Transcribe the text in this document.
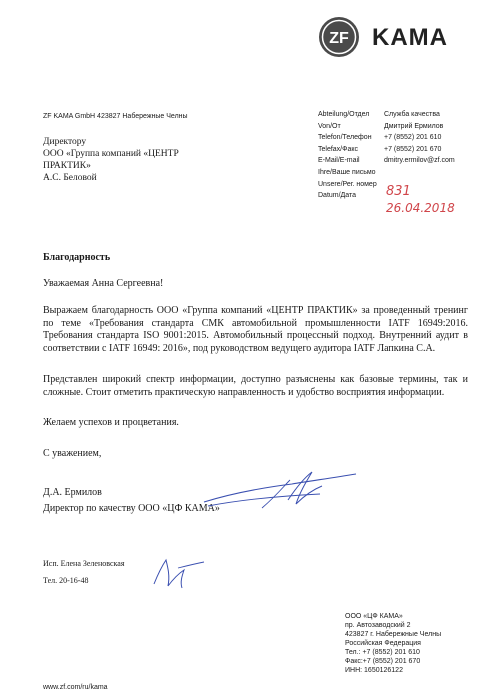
ZF KAMA
ZF KAMA GmbH 423827 Набережные Челны
Директору
ООО «Группа компаний «ЦЕНТР
ПРАКТИК»
А.С. Беловой
Abteilung/Отдел	Служба качества
Von/От	Дмитрий Ермилов
Telefon/Телефон	+7 (8552) 201 610
Telefax/Факс	+7 (8552) 201 670
E-Mail/E-mail	dmitry.ermilov@zf.com
Ihre/Ваше письмо
Unsere/Рег. номер
Datum/Дата	831
26.04.2018
Благодарность
Уважаемая Анна Сергеевна!
Выражаем благодарность ООО «Группа компаний «ЦЕНТР ПРАКТИК» за проведенный тренинг по теме «Требования стандарта СМК автомобильной промышленности IATF 16949:2016. Требования стандарта ISO 9001:2015. Автомобильный процессный подход. Внутренний аудит в соответствии с IATF 16949: 2016», под руководством ведущего аудитора IATF Лапкина С.А.
Представлен широкий спектр информации, доступно разъяснены как базовые термины, так и сложные. Стоит отметить практическую направленность и удобство восприятия информации.
Желаем успехов и процветания.
С уважением,
Д.А. Ермилов
Директор по качеству ООО «ЦФ КАМА»
Исп. Елена Зеленовская
Тел. 20-16-48
www.zf.com/ru/kama
ООО «ЦФ КАМА»
пр. Автозаводский 2
423827 г. Набережные Челны
Российская Федерация
Тел.: +7 (8552) 201 610
Факс:+7 (8552) 201 670
ИНН: 1650126122
